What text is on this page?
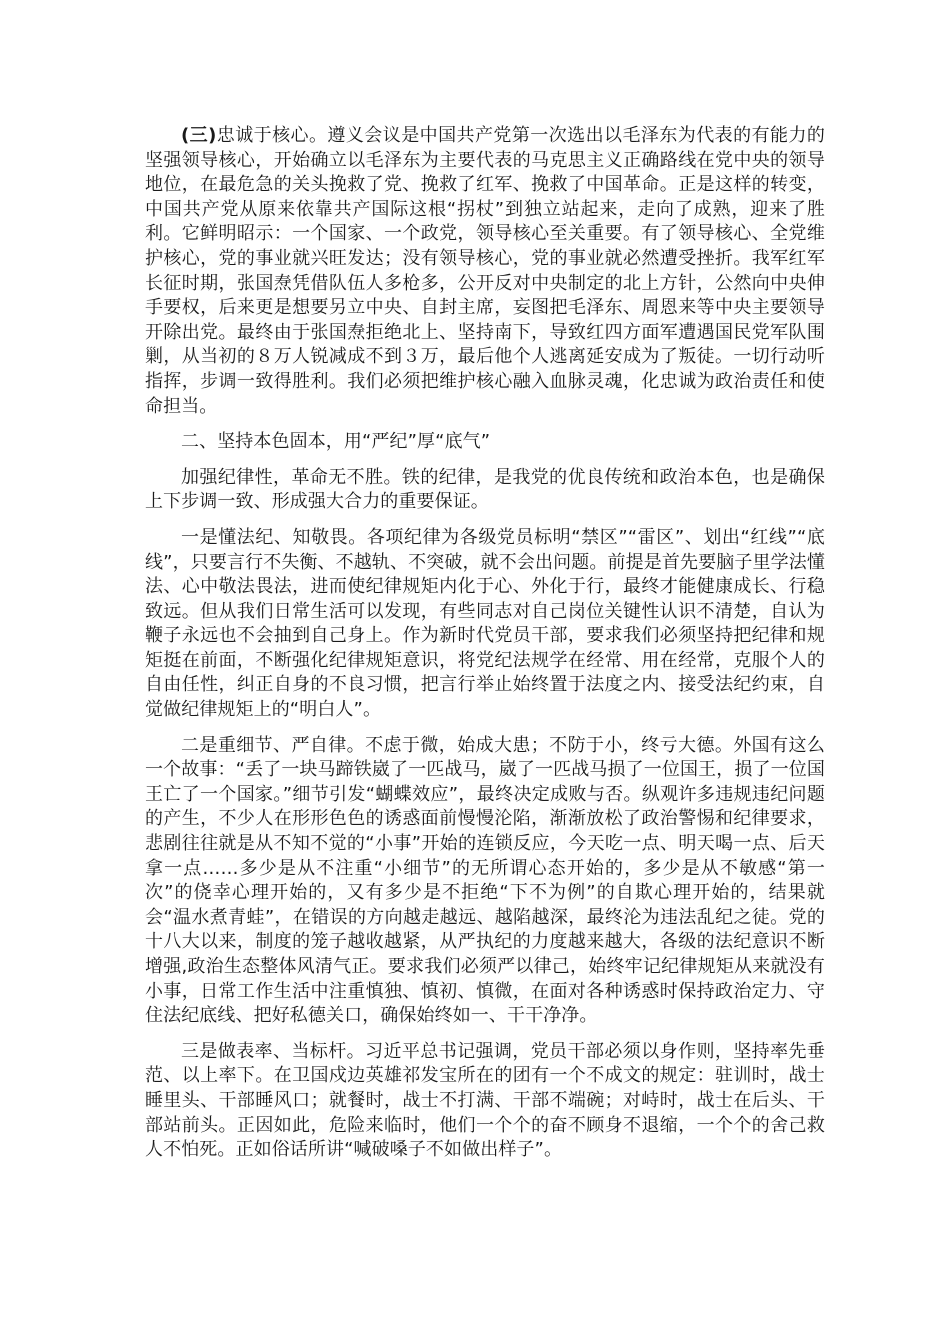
(三)忠诚于核心。遵义会议是中国共产党第一次选出以毛泽东为代表的有能力的坚强领导核心，开始确立以毛泽东为主要代表的马克思主义正确路线在党中央的领导地位，在最危急的关头挽救了党、挽救了红军、挽救了中国革命。正是这样的转变，中国共产党从原来依靠共产国际这根“拐杖”到独立站起来，走向了成熟，迎来了胜利。它鲜明昭示：一个国家、一个政党，领导核心至关重要。有了领导核心、全党维护核心，党的事业就兴旺发达；没有领导核心，党的事业就必然遭受挫折。我军红军长征时期，张国焘凭借队伍人多枪多，公开反对中央制定的北上方针，公然向中央伸手要权，后来更是想要另立中央、自封主席，妄图把毛泽东、周恩来等中央主要领导开除出党。最终由于张国焘拒绝北上、坚持南下，导致红四方面军遭遇国民党军队围剿，从当初的８万人锐减成不到３万，最后他个人逃离延安成为了叛徒。一切行动听指挥，步调一致得胜利。我们必须把维护核心融入血脉灵魂，化忠诚为政治责任和使命担当。

二、坚持本色固本，用“严纪”厚“底气”

加强纪律性，革命无不胜。铁的纪律，是我党的优良传统和政治本色，也是确保上下步调一致、形成强大合力的重要保证。

一是懂法纪、知敬畏。各项纪律为各级党员标明“禁区”“雷区”、划出“红线”“底线”，只要言行不失衡、不越轨、不突破，就不会出问题。前提是首先要脑子里学法懂法、心中敬法畏法，进而使纪律规矩内化于心、外化于行，最终才能健康成长、行稳致远。但从我们日常生活可以发现，有些同志对自己岗位关键性认识不清楚，自认为鞭子永远也不会抽到自己身上。作为新时代党员干部，要求我们必须坚持把纪律和规矩挺在前面，不断强化纪律规矩意识，将党纪法规学在经常、用在经常，克服个人的自由任性，纠正自身的不良习惯，把言行举止始终置于法度之内、接受法纪约束，自觉做纪律规矩上的“明白人”。

二是重细节、严自律。不虑于微，始成大患；不防于小，终亏大德。外国有这么一个故事：“丢了一块马蹄铁崴了一匹战马，崴了一匹战马损了一位国王，损了一位国王亡了一个国家。”细节引发“蝴蝶效应”，最终决定成败与否。纵观许多违规违纪问题的产生，不少人在形形色色的诱惑面前慢慢沦陷，渐渐放松了政治警惕和纪律要求，悲剧往往就是从不知不觉的“小事”开始的连锁反应，今天吃一点、明天喝一点、后天拿一点……多少是从不注重“小细节”的无所谓心态开始的，多少是从不敏感“第一次”的侥幸心理开始的，又有多少是不拒绝“下不为例”的自欺心理开始的，结果就会“温水煮青蛙”，在错误的方向越走越远、越陷越深，最终沦为违法乱纪之徒。党的十八大以来，制度的笼子越收越紧，从严执纪的力度越来越大，各级的法纪意识不断增强,政治生态整体风清气正。要求我们必须严以律己，始终牢记纪律规矩从来就没有小事，日常工作生活中注重慎独、慎初、慎微，在面对各种诱惑时保持政治定力、守住法纪底线、把好私德关口，确保始终如一、干干净净。

三是做表率、当标杆。习近平总书记强调，党员干部必须以身作则，坚持率先垂范、以上率下。在卫国戍边英雄祁发宝所在的团有一个不成文的规定：驻训时，战士睡里头、干部睡风口；就餐时，战士不打满、干部不端碗；对峙时，战士在后头、干部站前头。正因如此，危险来临时，他们一个个的奋不顾身不退缩，一个个的舍己救人不怕死。正如俗话所讲“喊破嗓子不如做出样子”。
